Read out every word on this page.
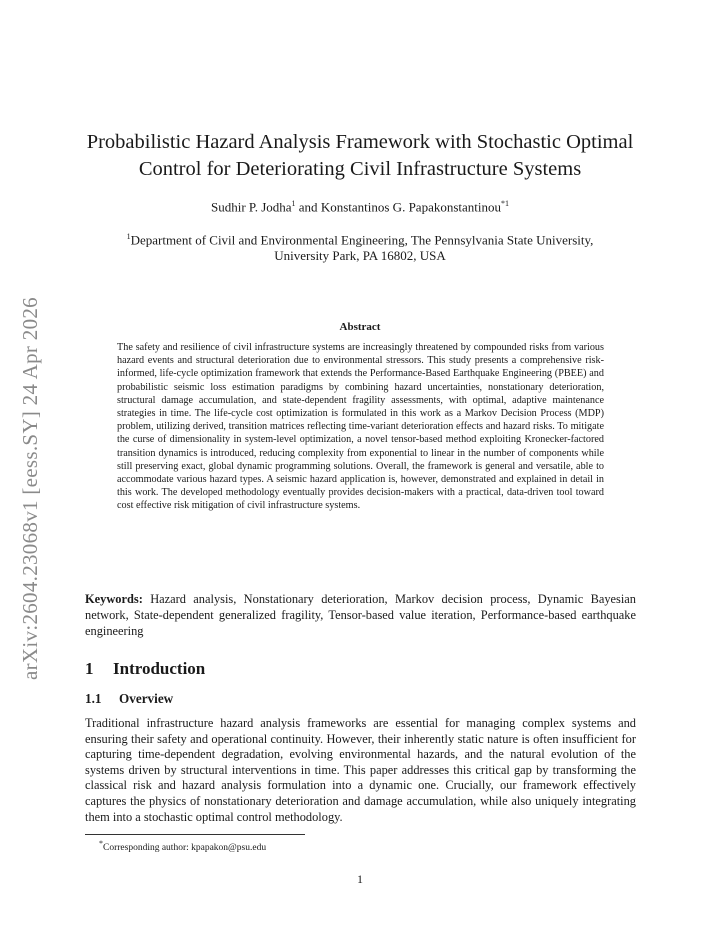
arXiv:2604.23068v1 [eess.SY] 24 Apr 2026
Probabilistic Hazard Analysis Framework with Stochastic Optimal
Control for Deteriorating Civil Infrastructure Systems
Sudhir P. Jodha$^1$ and Konstantinos G. Papakonstantinou$^{*1}$
$^1$Department of Civil and Environmental Engineering, The Pennsylvania State University,
University Park, PA 16802, USA
Abstract
The safety and resilience of civil infrastructure systems are increasingly threatened by compounded risks from various hazard events and structural deterioration due to environmental stressors. This study presents a comprehensive risk-informed, life-cycle optimization framework that extends the Performance-Based Earthquake Engineering (PBEE) and probabilistic seismic loss estimation paradigms by combining hazard uncertainties, nonstationary deterioration, structural damage accumulation, and state-dependent fragility assessments, with optimal, adaptive maintenance strategies in time. The life-cycle cost optimization is formulated in this work as a Markov Decision Process (MDP) problem, utilizing derived, transition matrices reflecting time-variant deterioration effects and hazard risks. To mitigate the curse of dimensionality in system-level optimization, a novel tensor-based method exploiting Kronecker-factored transition dynamics is introduced, reducing complexity from exponential to linear in the number of components while still preserving exact, global dynamic programming solutions. Overall, the framework is general and versatile, able to accommodate various hazard types. A seismic hazard application is, however, demonstrated and explained in detail in this work. The developed methodology eventually provides decision-makers with a practical, data-driven tool toward cost effective risk mitigation of civil infrastructure systems.
Keywords: Hazard analysis, Nonstationary deterioration, Markov decision process, Dynamic Bayesian network, State-dependent generalized fragility, Tensor-based value iteration, Performance-based earthquake engineering
1 Introduction
1.1 Overview
Traditional infrastructure hazard analysis frameworks are essential for managing complex systems and ensuring their safety and operational continuity. However, their inherently static nature is often insufficient for capturing time-dependent degradation, evolving environmental hazards, and the natural evolution of the systems driven by structural interventions in time. This paper addresses this critical gap by transforming the classical risk and hazard analysis formulation into a dynamic one. Crucially, our framework effectively captures the physics of nonstationary deterioration and damage accumulation, while also uniquely integrating them into a stochastic optimal control methodology.
*Corresponding author: kpapakon@psu.edu
1
